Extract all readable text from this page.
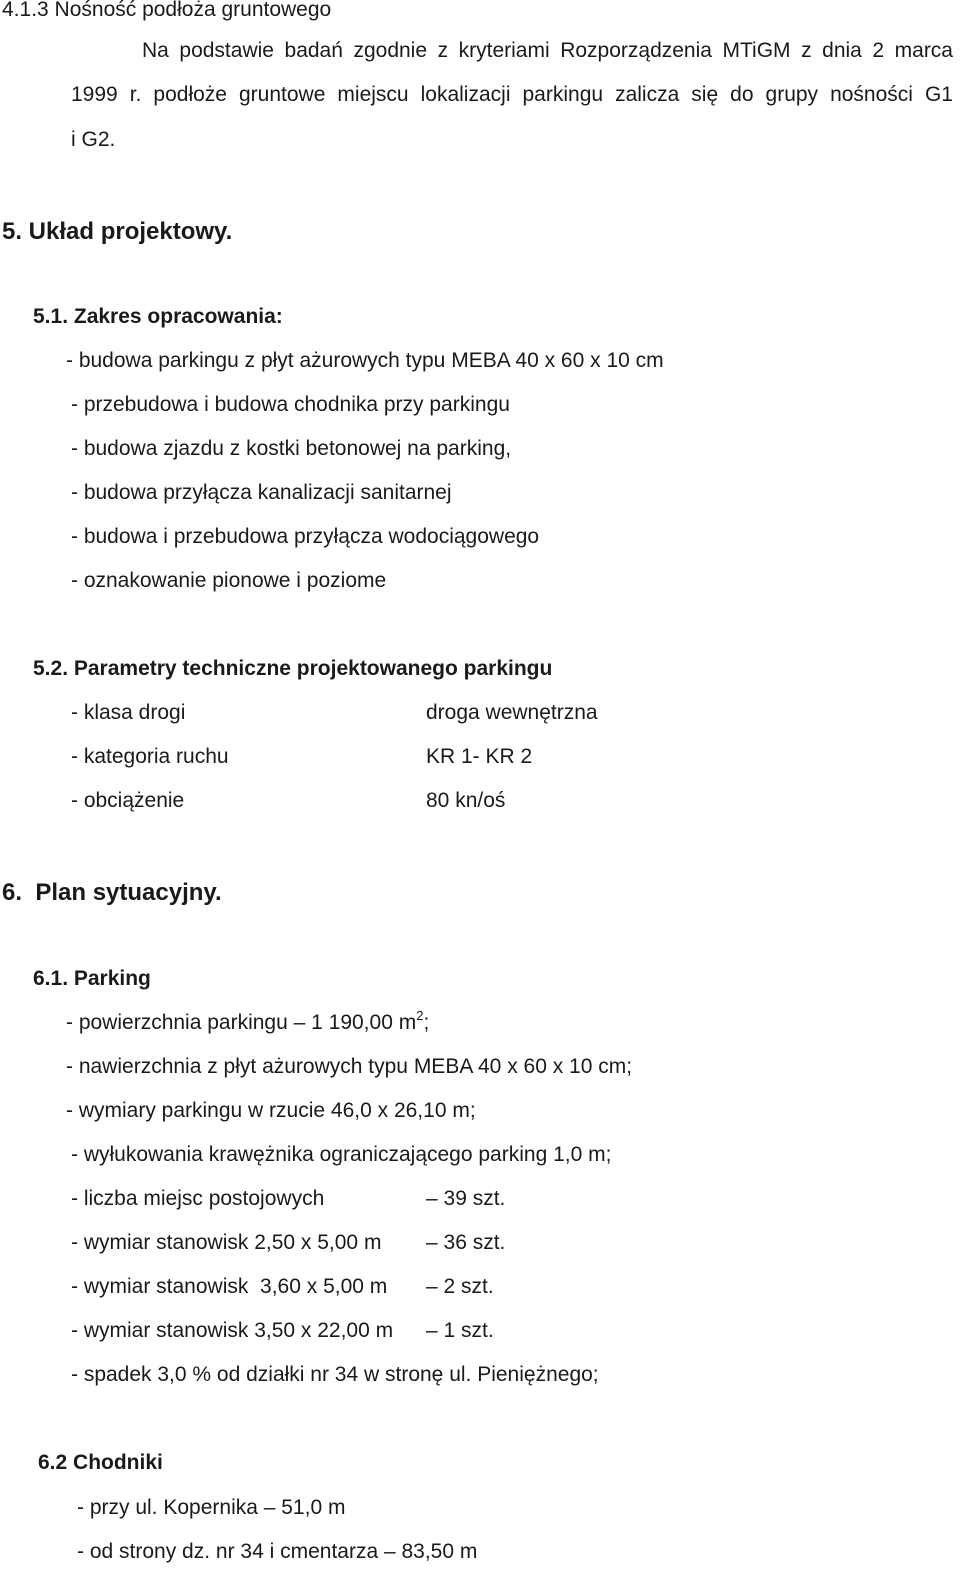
4.1.3 Nośność podłoża gruntowego
Na podstawie badań zgodnie z kryteriami Rozporządzenia MTiGM z dnia 2 marca
1999 r. podłoże gruntowe miejscu lokalizacji parkingu zalicza się do grupy nośności G1
i G2.
5. Układ projektowy.
5.1. Zakres opracowania:
- budowa parkingu z płyt ażurowych typu MEBA 40 x 60 x 10 cm
- przebudowa i budowa chodnika przy parkingu
- budowa zjazdu z kostki betonowej na parking,
- budowa przyłącza kanalizacji sanitarnej
- budowa i przebudowa przyłącza wodociągowego
- oznakowanie pionowe i poziome
5.2. Parametry techniczne projektowanego parkingu
- klasa drogi	droga wewnętrzna
- kategoria ruchu	KR 1- KR 2
- obciążenie	80 kn/oś
6.  Plan sytuacyjny.
6.1. Parking
- powierzchnia parkingu – 1 190,00 $m^2$;
- nawierzchnia z płyt ażurowych typu MEBA 40 x 60 x 10 cm;
- wymiary parkingu w rzucie 46,0 x 26,10 m;
- wyłukowania krawężnika ograniczającego parking 1,0 m;
- liczba miejsc postojowych	– 39 szt.
- wymiar stanowisk 2,50 x 5,00 m – 36 szt.
- wymiar stanowisk  3,60 x 5,00 m – 2 szt.
- wymiar stanowisk 3,50 x 22,00 m – 1 szt.
- spadek 3,0 % od działki nr 34 w stronę ul. Pieniężnego;
6.2 Chodniki
- przy ul. Kopernika – 51,0 m
- od strony dz. nr 34 i cmentarza – 83,50 m
